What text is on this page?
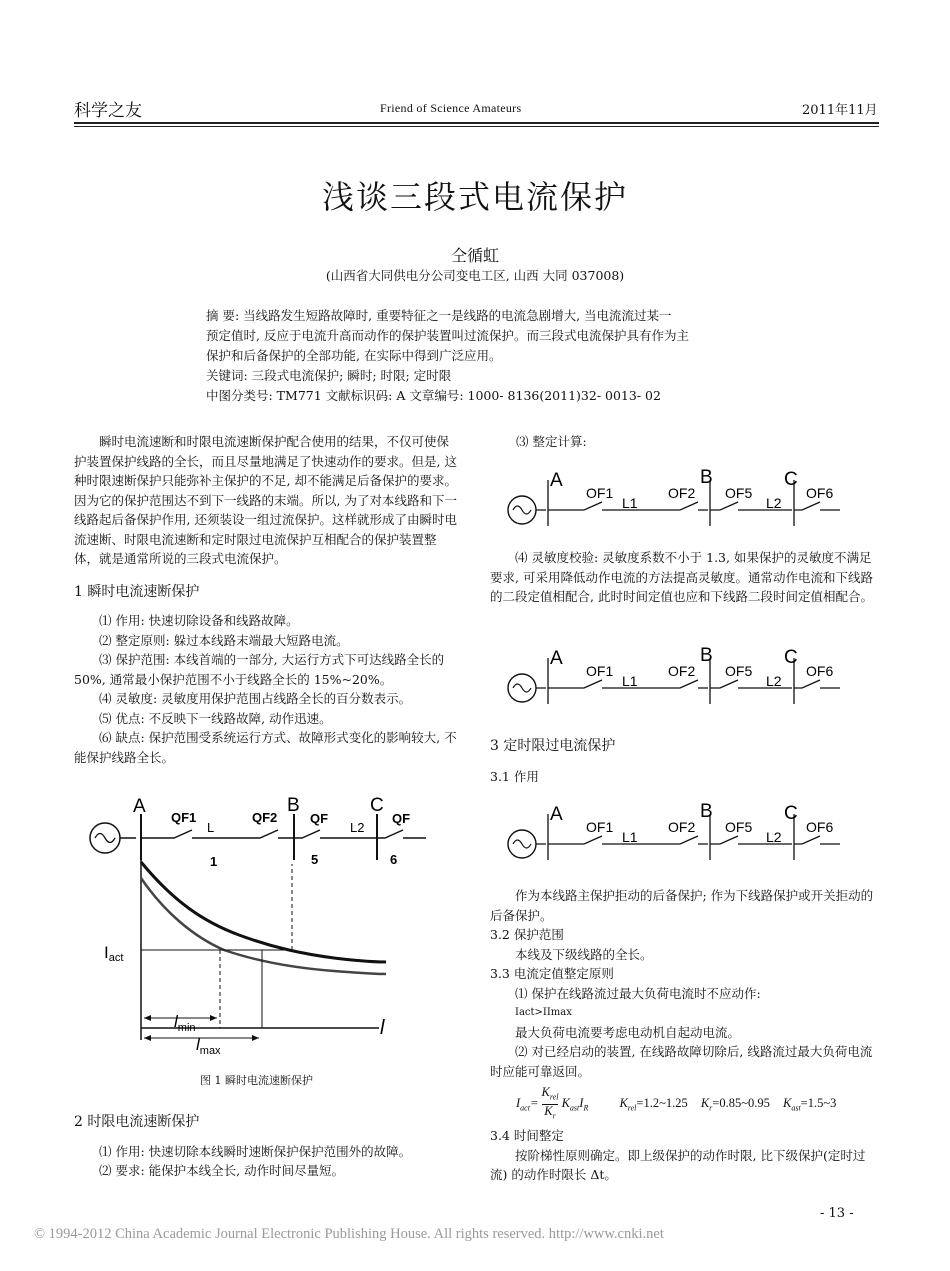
科学之友	Friend of Science Amateurs	2011年11月
浅谈三段式电流保护
仝循虹
(山西省大同供电分公司变电工区, 山西 大同 037008)

摘 要: 当线路发生短路故障时, 重要特征之一是线路的电流急剧增大, 当电流流过某一

预定值时, 反应于电流升高而动作的保护装置叫过流保护。而三段式电流保护具有作为主

保护和后备保护的全部功能, 在实际中得到广泛应用。

关键词: 三段式电流保护; 瞬时; 时限; 定时限

中图分类号: TM771 文献标识码: A 文章编号: 1000- 8136(2011)32- 0013- 02

瞬时电流速断和时限电流速断保护配合使用的结果，不仅可使保护装置保护线路的全长，而且尽量地满足了快速动作的要求。但是, 这种时限速断保护只能弥补主保护的不足, 却不能满足后备保护的要求。因为它的保护范围达不到下一线路的末端。所以, 为了对本线路和下一线路起后备保护作用, 还须装设一组过流保护。这样就形成了由瞬时电流速断、时限电流速断和定时限过电流保护互相配合的保护装置整体，就是通常所说的三段式电流保护。

1 瞬时电流速断保护

⑴ 作用: 快速切除设备和线路故障。

⑵ 整定原则: 躲过本线路末端最大短路电流。

⑶ 保护范围: 本线首端的一部分, 大运行方式下可达线路全长的 50%, 通常最小保护范围不小于线路全长的 15%~20%。

⑷ 灵敏度: 灵敏度用保护范围占线路全长的百分数表示。

⑸ 优点: 不反映下一线路故障, 动作迅速。

⑹ 缺点: 保护范围受系统运行方式、故障形式变化的影响较大, 不能保护线路全长。

A	B	C
QF1
L
QF2	QF
L2
QF
1	5	6
Iact
$l_{min}$
$l_{max}$
l
图 1 瞬时电流速断保护

2 时限电流速断保护

⑴ 作用: 快速切除本线瞬时速断保护保护范围外的故障。

⑵ 要求: 能保护本线全长, 动作时间尽量短。

⑶ 整定计算:

A	B	C
OF1
L1
OF2 OF5
L2
OF6

⑷ 灵敏度校验: 灵敏度系数不小于 1.3, 如果保护的灵敏度不满足要求, 可采用降低动作电流的方法提高灵敏度。通常动作电流和下线路的二段定值相配合, 此时时间定值也应和下线路二段时间定值相配合。

A	B	C
OF1
L1
OF2 OF5
L2
OF6

3 定时限过电流保护

3.1 作用

A	B	C
OF1
L1
OF2 OF5
L2
OF6

作为本线路主保护拒动的后备保护; 作为下线路保护或开关拒动的后备保护。

3.2 保护范围

本线及下级线路的全长。

3.3 电流定值整定原则

⑴ 保护在线路流过最大负荷电流时不应动作:

Iact>IImax

最大负荷电流要考虑电动机自起动电流。

⑵ 对已经启动的装置, 在线路故障切除后, 线路流过最大负荷电流时应能可靠返回。

$I_{act}= \frac{K_{rel}}{K_r} K_{ast}I_R$ $K_{rel}=1.2\sim 1.25$ $K_r=0.85\sim 0.95$ $K_{ast}=1.5\sim 3$

3.4 时间整定

按阶梯性原则确定。即上级保护的动作时限, 比下级保护(定时过流) 的动作时限长 Δt。

- 13 -
© 1994-2012 China Academic Journal Electronic Publishing House. All rights reserved. http://www.cnki.net
